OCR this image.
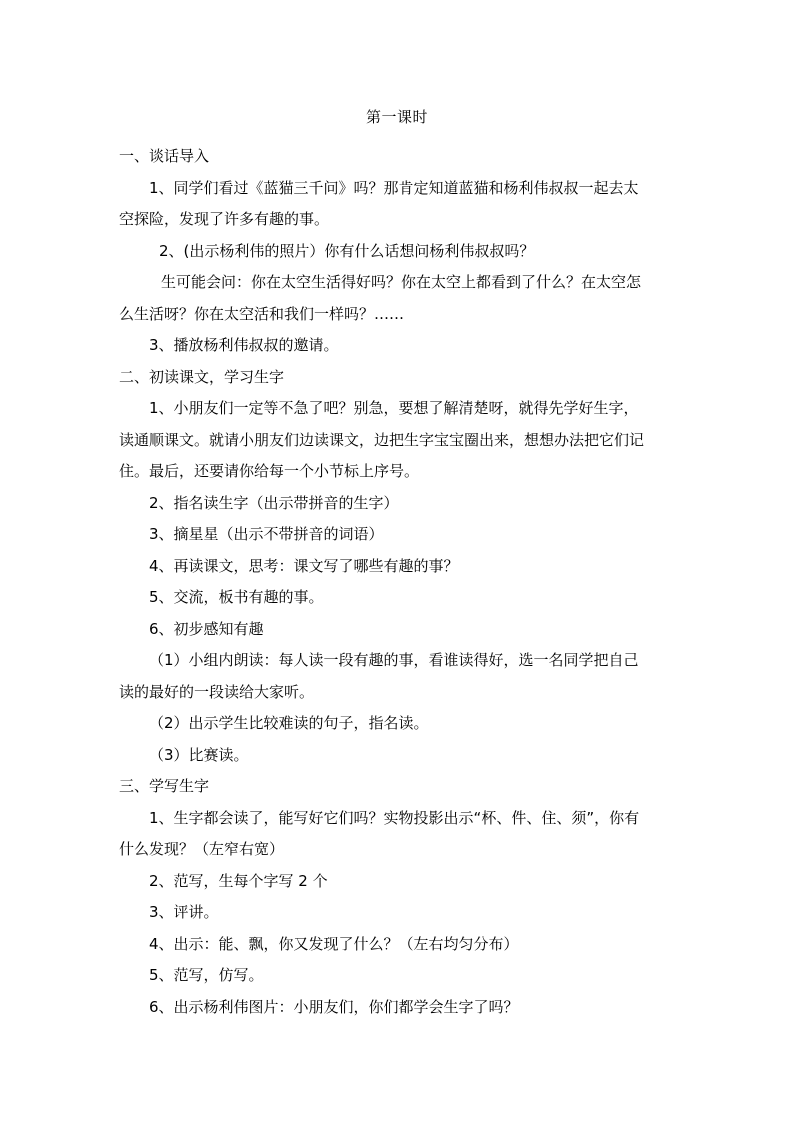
第一课时
一、谈话导入
1、同学们看过《蓝猫三千问》吗？那肯定知道蓝猫和杨利伟叔叔一起去太
空探险，发现了许多有趣的事。
2、(出示杨利伟的照片）你有什么话想问杨利伟叔叔吗？
生可能会问：你在太空生活得好吗？你在太空上都看到了什么？在太空怎
么生活呀？你在太空活和我们一样吗？……
3、播放杨利伟叔叔的邀请。
二、初读课文，学习生字
1、小朋友们一定等不急了吧？别急，要想了解清楚呀，就得先学好生字，
读通顺课文。就请小朋友们边读课文，边把生字宝宝圈出来，想想办法把它们记
住。最后，还要请你给每一个小节标上序号。
2、指名读生字（出示带拼音的生字）
3、摘星星（出示不带拼音的词语）
4、再读课文，思考：课文写了哪些有趣的事？
5、交流，板书有趣的事。
6、初步感知有趣
（1）小组内朗读：每人读一段有趣的事，看谁读得好，选一名同学把自己
读的最好的一段读给大家听。
（2）出示学生比较难读的句子，指名读。
（3）比赛读。
三、学写生字
1、生字都会读了，能写好它们吗？实物投影出示“杯、件、住、须”，你有
什么发现？（左窄右宽）
2、范写，生每个字写 2 个
3、评讲。
4、出示：能、飘，你又发现了什么？（左右均匀分布）
5、范写，仿写。
6、出示杨利伟图片：小朋友们，你们都学会生字了吗？
